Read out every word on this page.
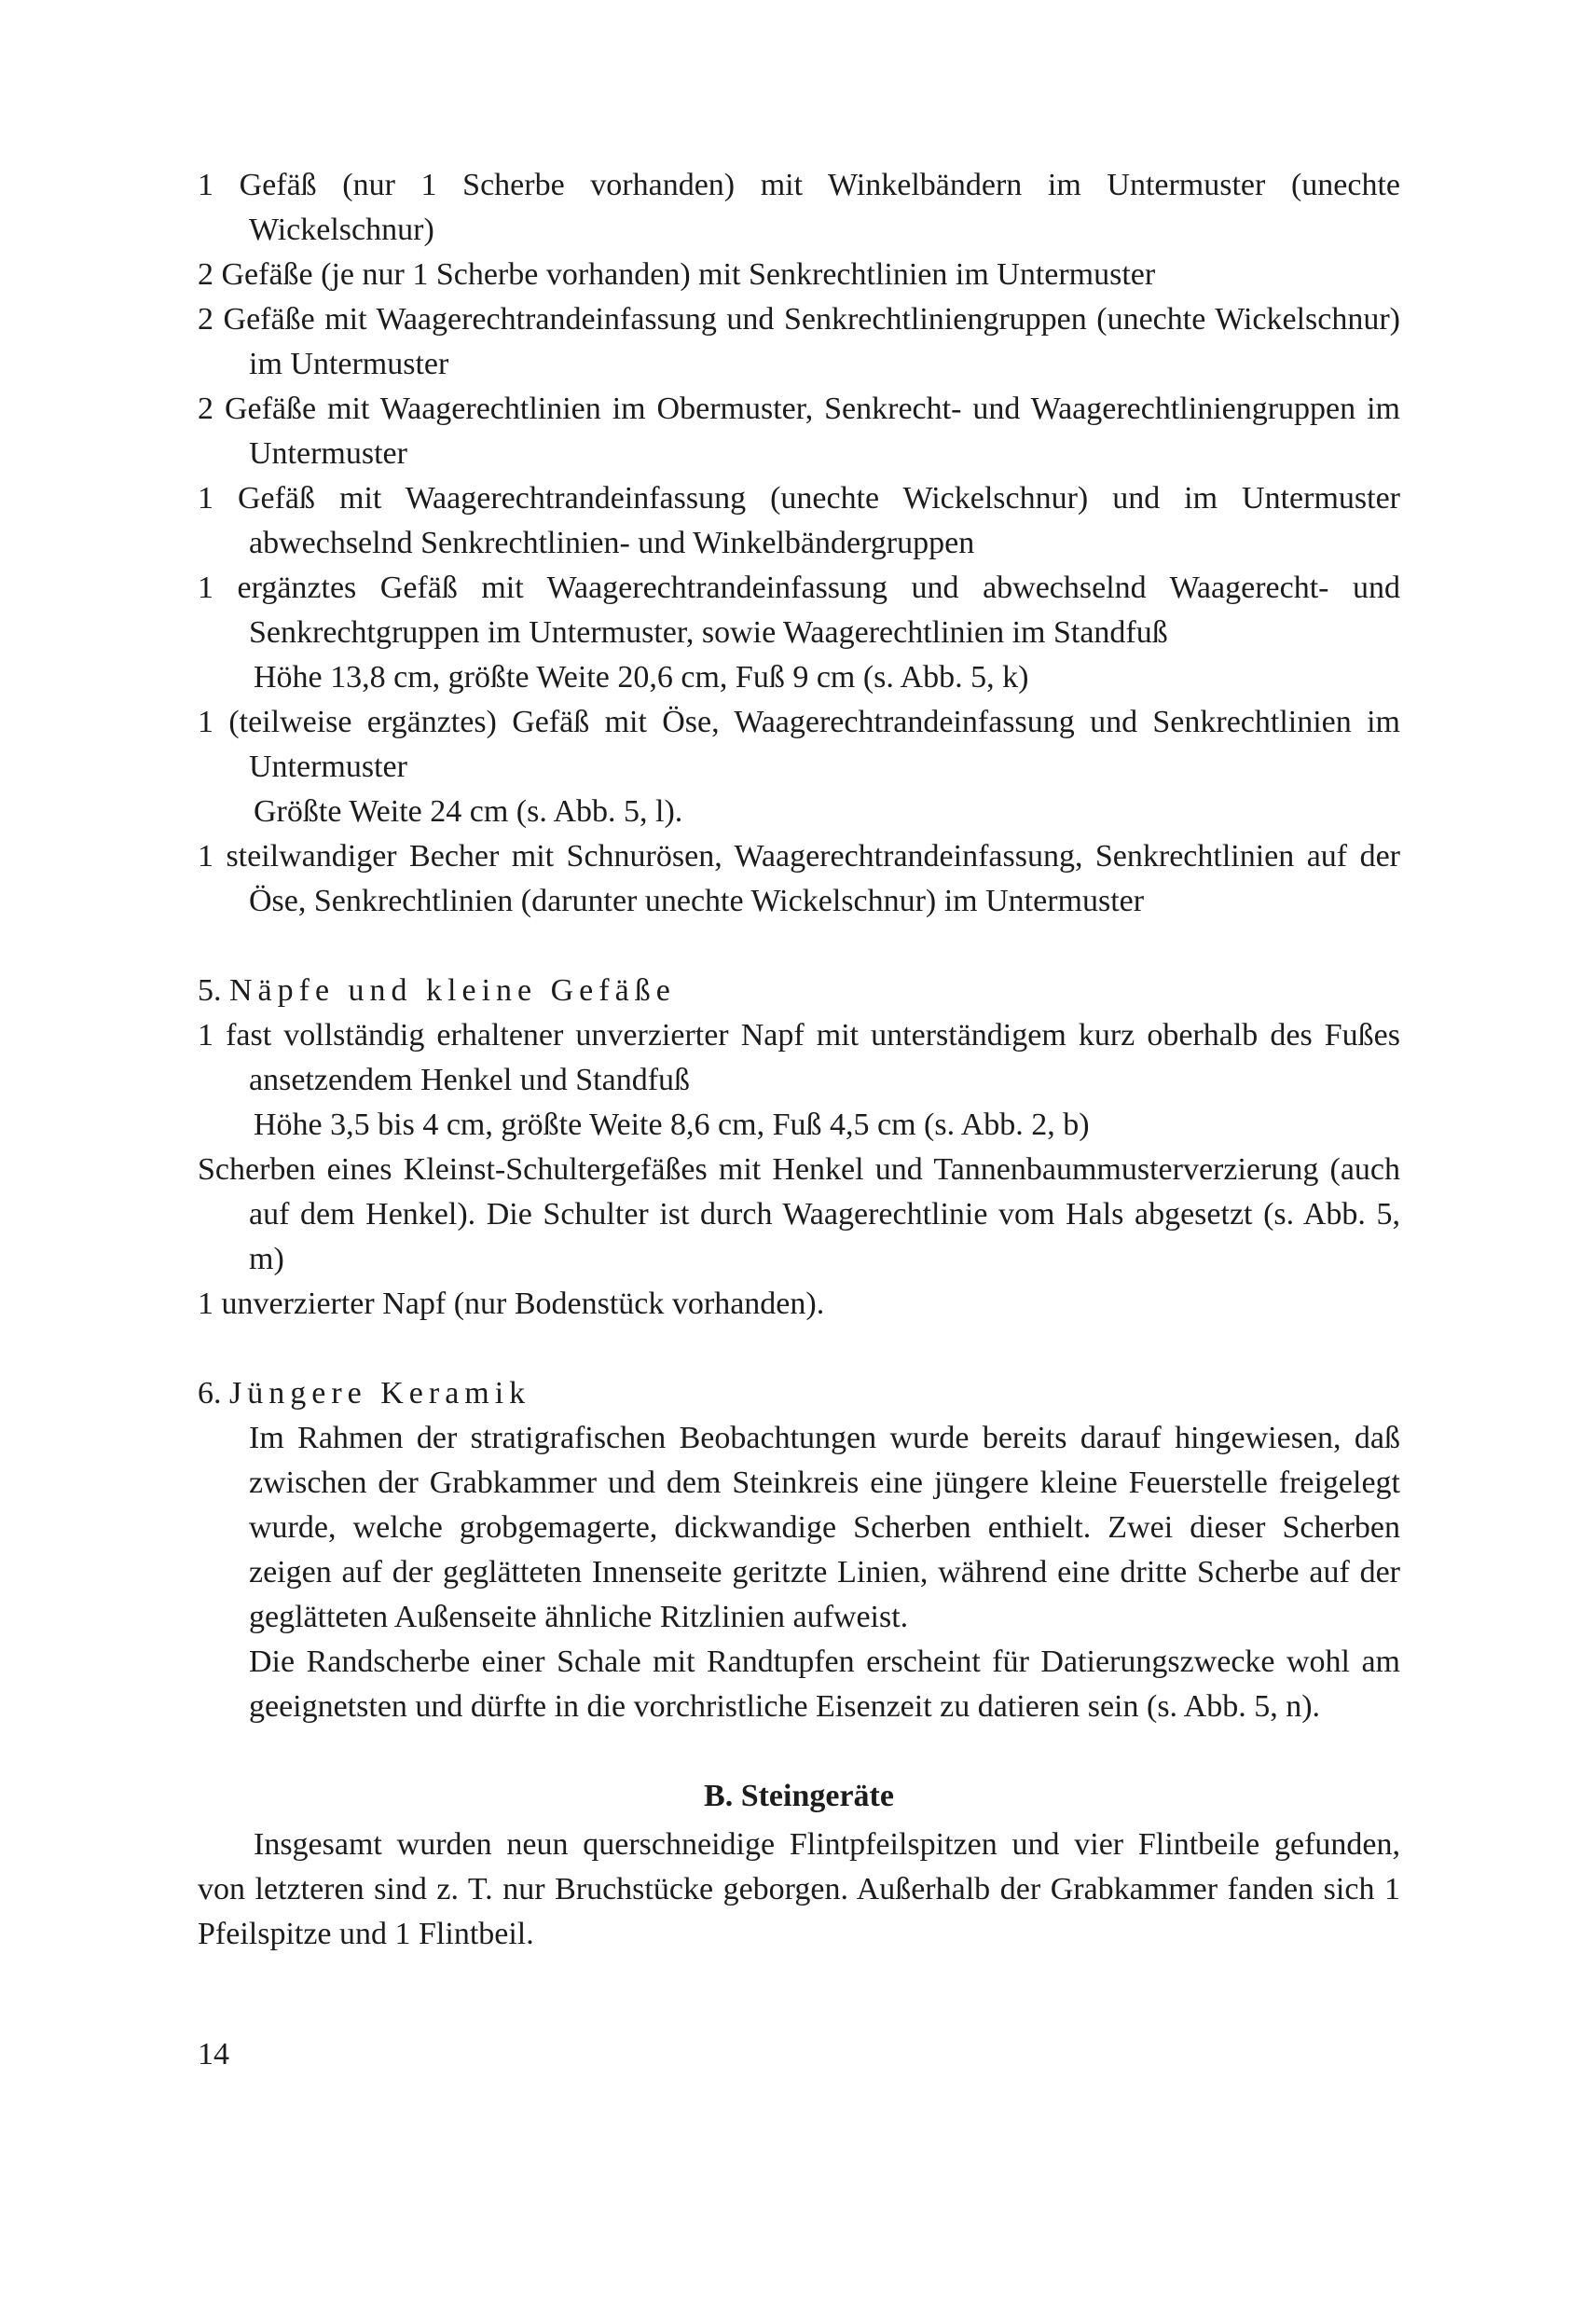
1 Gefäß (nur 1 Scherbe vorhanden) mit Winkelbändern im Untermuster (unechte Wickelschnur)

2 Gefäße (je nur 1 Scherbe vorhanden) mit Senkrechtlinien im Untermuster

2 Gefäße mit Waagerechtrandeinfassung und Senkrechtliniengruppen (unechte Wickelschnur) im Untermuster

2 Gefäße mit Waagerechtlinien im Obermuster, Senkrecht- und Waagerechtliniengruppen im Untermuster

1 Gefäß mit Waagerechtrandeinfassung (unechte Wickelschnur) und im Untermuster abwechselnd Senkrechtlinien- und Winkelbändergruppen

1 ergänztes Gefäß mit Waagerechtrandeinfassung und abwechselnd Waagerecht- und Senkrechtgruppen im Untermuster, sowie Waagerechtlinien im Standfuß

Höhe 13,8 cm, größte Weite 20,6 cm, Fuß 9 cm (s. Abb. 5, k)

1 (teilweise ergänztes) Gefäß mit Öse, Waagerechtrandeinfassung und Senkrechtlinien im Untermuster

Größte Weite 24 cm (s. Abb. 5, l).

1 steilwandiger Becher mit Schnurösen, Waagerechtrandeinfassung, Senkrechtlinien auf der Öse, Senkrechtlinien (darunter unechte Wickelschnur) im Untermuster

5. Näpfe und kleine Gefäße

1 fast vollständig erhaltener unverzierter Napf mit unterständigem kurz oberhalb des Fußes ansetzendem Henkel und Standfuß

Höhe 3,5 bis 4 cm, größte Weite 8,6 cm, Fuß 4,5 cm (s. Abb. 2, b)

Scherben eines Kleinst-Schultergefäßes mit Henkel und Tannenbaummusterverzierung (auch auf dem Henkel). Die Schulter ist durch Waagerechtlinie vom Hals abgesetzt (s. Abb. 5, m)

1 unverzierter Napf (nur Bodenstück vorhanden).

6. Jüngere Keramik

Im Rahmen der stratigrafischen Beobachtungen wurde bereits darauf hingewiesen, daß zwischen der Grabkammer und dem Steinkreis eine jüngere kleine Feuerstelle freigelegt wurde, welche grobgemagerte, dickwandige Scherben enthielt. Zwei dieser Scherben zeigen auf der geglätteten Innenseite geritzte Linien, während eine dritte Scherbe auf der geglätteten Außenseite ähnliche Ritzlinien aufweist.

Die Randscherbe einer Schale mit Randtupfen erscheint für Datierungszwecke wohl am geeignetsten und dürfte in die vorchristliche Eisenzeit zu datieren sein (s. Abb. 5, n).

B. Steingeräte

Insgesamt wurden neun querschneidige Flintpfeilspitzen und vier Flintbeile gefunden, von letzteren sind z. T. nur Bruchstücke geborgen. Außerhalb der Grabkammer fanden sich 1 Pfeilspitze und 1 Flintbeil.

14
